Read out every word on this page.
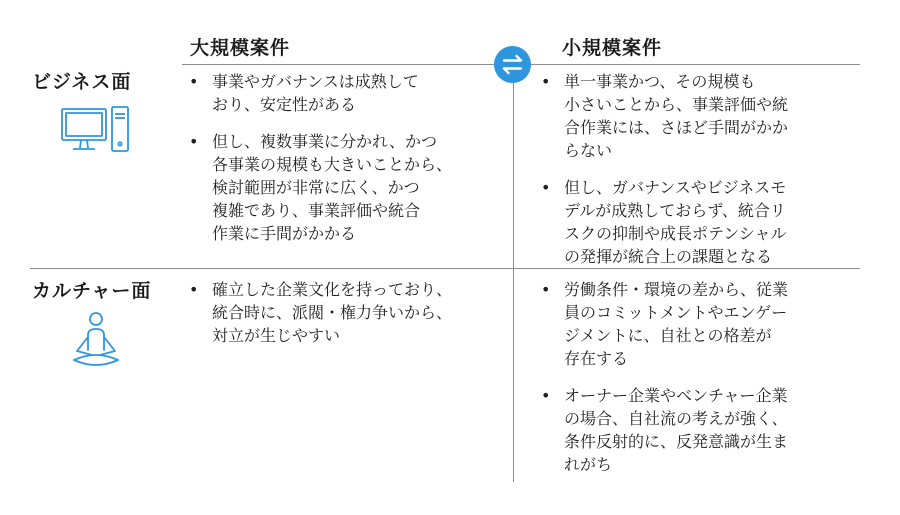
大規模案件	小規模案件
ビジネス面
カルチャー面
• 事業やガバナンスは成熟して
おり、安定性がある
• 但し、複数事業に分かれ、かつ
各事業の規模も大きいことから、
検討範囲が非常に広く、かつ
複雑であり、事業評価や統合
作業に手間がかかる
• 単一事業かつ、その規模も
小さいことから、事業評価や統
合作業には、さほど手間がかか
らない
• 但し、ガバナンスやビジネスモ
デルが成熟しておらず、統合リ
スクの抑制や成長ポテンシャル
の発揮が統合上の課題となる
• 確立した企業文化を持っており、
統合時に、派閥・権力争いから、
対立が生じやすい
• 労働条件・環境の差から、従業
員のコミットメントやエンゲー
ジメントに、自社との格差が
存在する
• オーナー企業やベンチャー企業
の場合、自社流の考えが強く、
条件反射的に、反発意識が生ま
れがち
